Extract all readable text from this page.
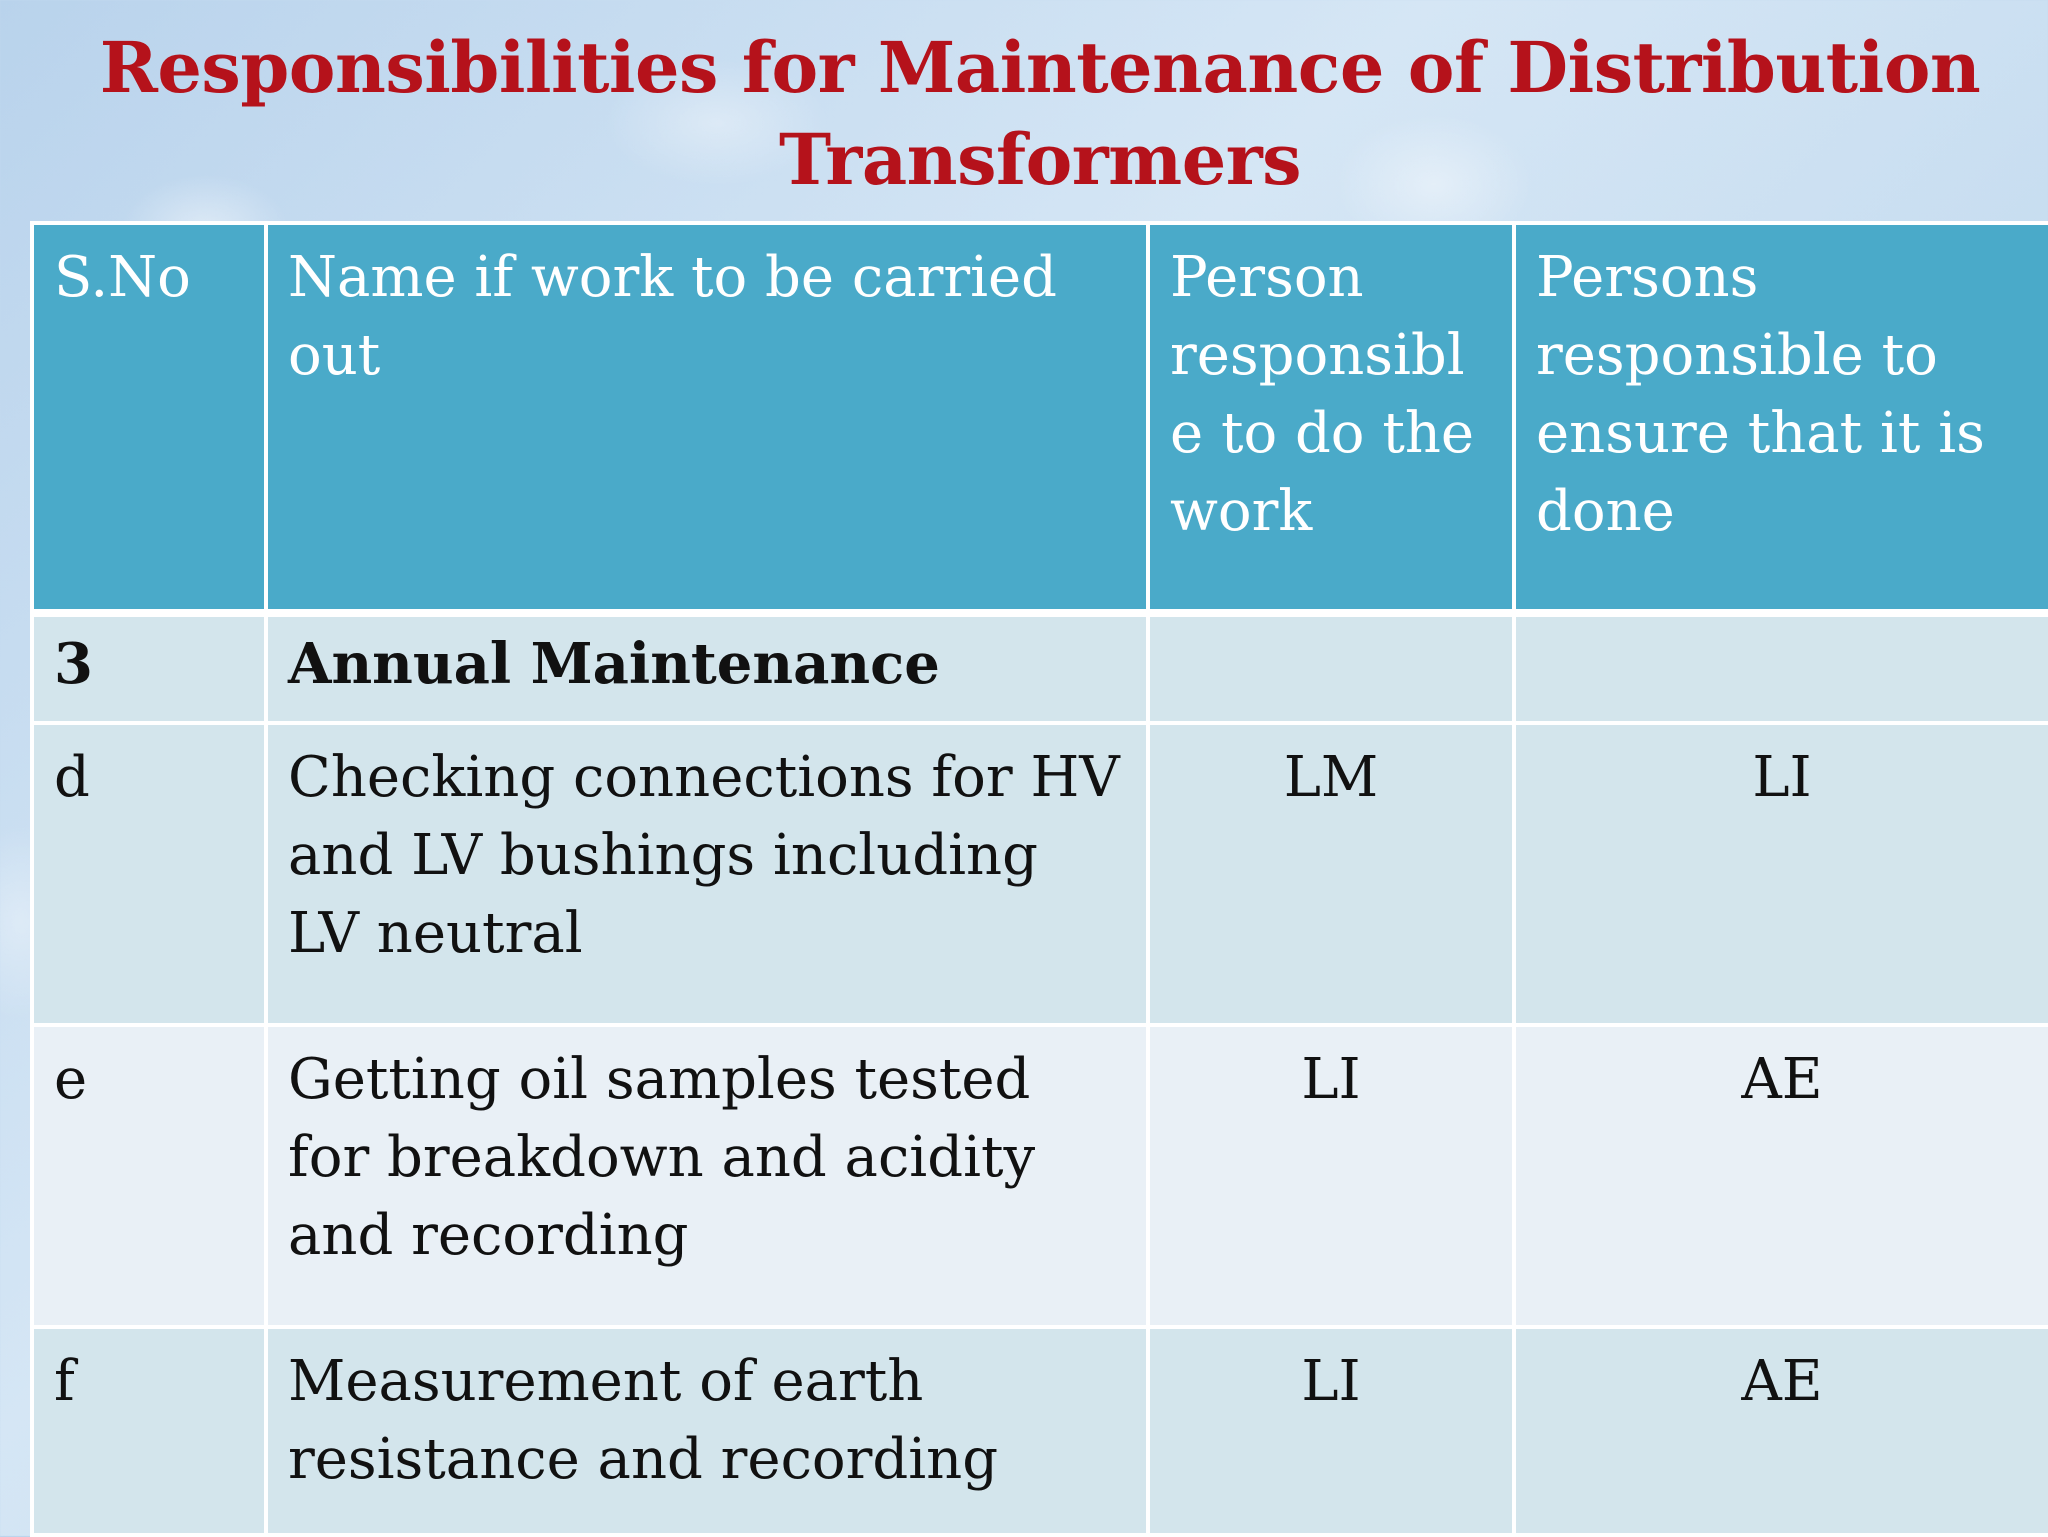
Responsibilities for Maintenance of Distribution Transformers
S.No	Name if work to be carried out	Person responsibl e to do the work	Persons responsible to ensure that it is done
3	Annual Maintenance		
d	Checking connections for HV and LV bushings including LV neutral	LM	LI
e	Getting oil samples tested for breakdown and acidity and recording	LI	AE
f	Measurement of earth resistance and recording	LI	AE
